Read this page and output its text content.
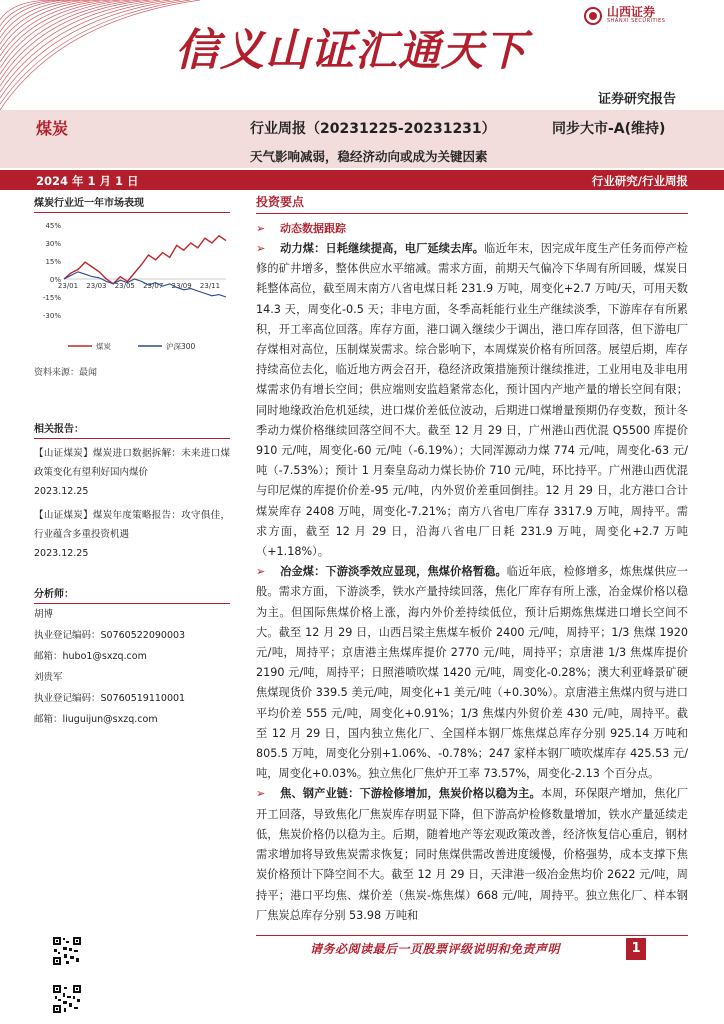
信义山证汇通天下
山西证券
SHANXI SECURITIES
证券研究报告
煤炭	行业周报（20231225-20231231）	同步大市-A(维持)
天气影响减弱，稳经济动向或成为关键因素
2024 年 1 月 1 日	行业研究/行业周报
煤炭行业近一年市场表现
45%
30%
15%
0%
-15%
-30%
23/01 23/03 23/05 23/07 23/09 23/11
煤炭	沪深300
资料来源：最闻
相关报告：
【山证煤炭】煤炭进口数据拆解：未来进口煤政策变化有望利好国内煤价
2023.12.25
【山证煤炭】煤炭年度策略报告：攻守俱佳，行业蕴含多重投资机遇
2023.12.25
分析师：
胡博
执业登记编码：S0760522090003
邮箱：hubo1@sxzq.com
刘贵军
执业登记编码：S0760519110001
邮箱：liuguijun@sxzq.com
投资要点
➢ 动态数据跟踪
➢ 动力煤：日耗继续提高，电厂延续去库。临近年末，因完成年度生产任务而停产检修的矿井增多，整体供应水平缩减。需求方面，前期天气偏冷下华周有所回暖，煤炭日耗整体高位，截至周末南方八省电煤日耗 231.9 万吨，周变化+2.7 万吨/天，可用天数 14.3 天，周变化-0.5 天；非电方面，冬季高耗能行业生产继续淡季，下游库存有所累积，开工率高位回落。库存方面，港口调入继续少于调出，港口库存回落，但下游电厂存煤相对高位，压制煤炭需求。综合影响下，本周煤炭价格有所回落。展望后期，库存持续高位去化，临近地方两会召开，稳经济政策措施预计继续推进，工业用电及非电用煤需求仍有增长空间；供应端则安监趋紧常态化，预计国内产地产量的增长空间有限；同时地缘政治危机延续，进口煤价差低位波动，后期进口煤增量预期仍存变数，预计冬季动力煤价格继续回落空间不大。截至 12 月 29 日，广州港山西优混 Q5500 库提价 910 元/吨，周变化-60 元/吨（-6.19%）；大同浑源动力煤 774 元/吨，周变化-63 元/吨（-7.53%）；预计 1 月秦皇岛动力煤长协价 710 元/吨，环比持平。广州港山西优混与印尼煤的库提价价差-95 元/吨，内外贸价差重回倒挂。12 月 29 日，北方港口合计煤炭库存 2408 万吨，周变化-7.21%；南方八省电厂库存 3317.9 万吨，周持平。需求方面，截至 12 月 29 日，沿海八省电厂日耗 231.9 万吨，周变化+2.7 万吨（+1.18%）。
➢ 冶金煤：下游淡季效应显现，焦煤价格暂稳。临近年底，检修增多，炼焦煤供应一般。需求方面，下游淡季，铁水产量持续回落，焦化厂库存有所上涨，冶金煤价格以稳为主。但国际焦煤价格上涨，海内外价差持续低位，预计后期炼焦煤进口增长空间不大。截至 12 月 29 日，山西吕梁主焦煤车板价 2400 元/吨，周持平；1/3 焦煤 1920 元/吨，周持平；京唐港主焦煤库提价 2770 元/吨，周持平；京唐港 1/3 焦煤库提价 2190 元/吨，周持平；日照港喷吹煤 1420 元/吨，周变化-0.28%；澳大利亚峰景矿硬焦煤现货价 339.5 美元/吨，周变化+1 美元/吨（+0.30%）。京唐港主焦煤内贸与进口平均价差 555 元/吨，周变化+0.91%；1/3 焦煤内外贸价差 430 元/吨，周持平。截至 12 月 29 日，国内独立焦化厂、全国样本钢厂炼焦煤总库存分别 925.14 万吨和 805.5 万吨，周变化分别+1.06%、-0.78%；247 家样本钢厂喷吹煤库存 425.53 元/吨，周变化+0.03%。独立焦化厂焦炉开工率 73.57%，周变化-2.13 个百分点。
➢ 焦、钢产业链：下游检修增加，焦炭价格以稳为主。本周，环保限产增加，焦化厂开工回落，导致焦化厂焦炭库存明显下降，但下游高炉检修数量增加，铁水产量延续走低，焦炭价格仍以稳为主。后期，随着地产等宏观政策改善，经济恢复信心重启，钢材需求增加将导致焦炭需求恢复；同时焦煤供需改善进度缓慢，价格强势，成本支撑下焦炭价格预计下降空间不大。截至 12 月 29 日，天津港一级冶金焦均价 2622 元/吨，周持平；港口平均焦、煤价差（焦炭-炼焦煤）668 元/吨，周持平。独立焦化厂、样本钢厂焦炭总库存分别 53.98 万吨和
请务必阅读最后一页股票评级说明和免责声明	1
